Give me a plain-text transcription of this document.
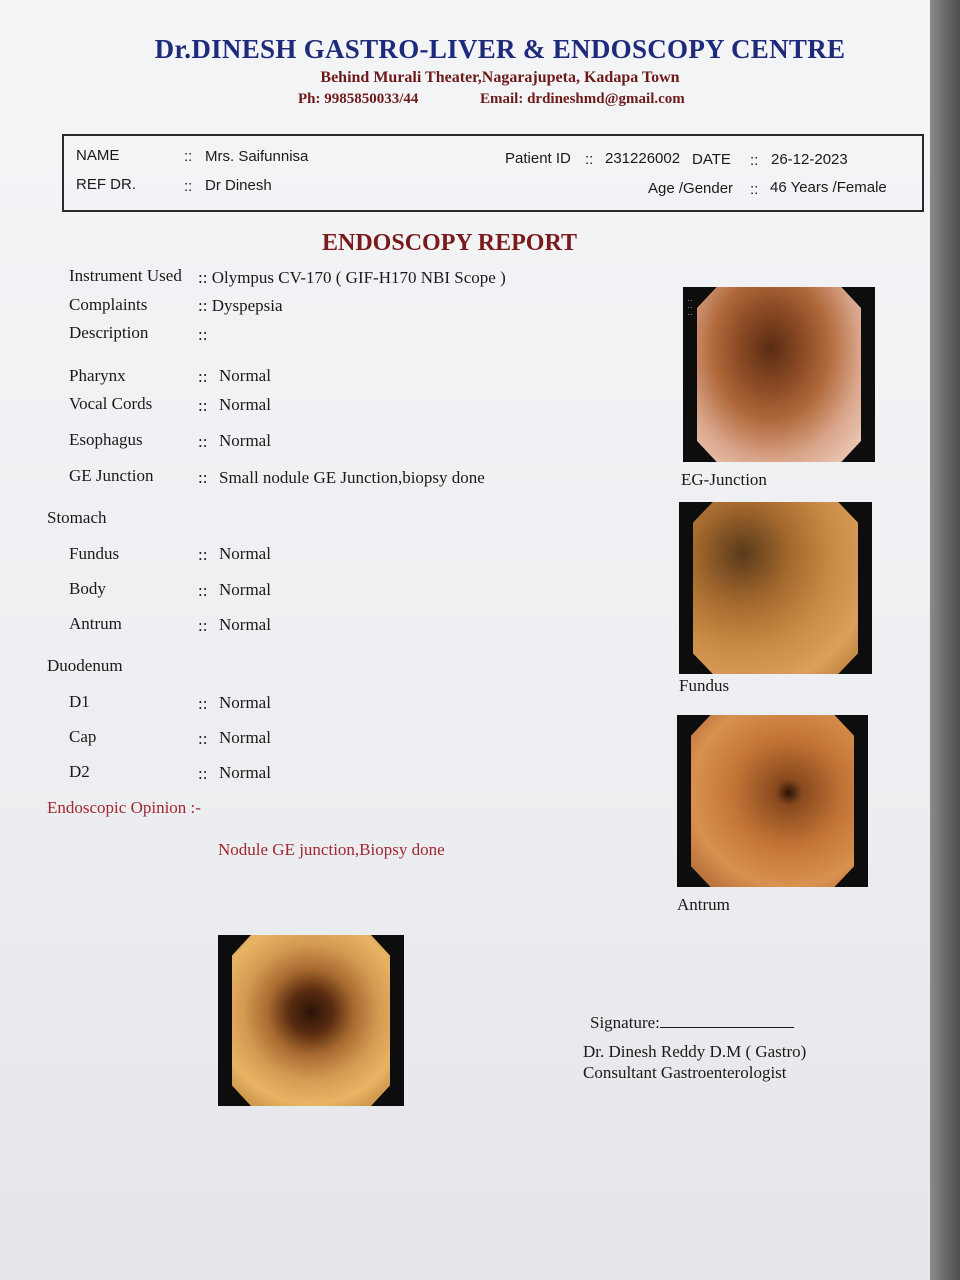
Dr.DINESH GASTRO-LIVER & ENDOSCOPY CENTRE
Behind Murali Theater,Nagarajupeta, Kadapa Town
Ph: 9985850033/44	Email: drdineshmd@gmail.com
NAME	:: Mrs. Saifunnisa
REF DR.	:: Dr Dinesh
Patient ID :: 231226002 DATE :: 26-12-2023
Age /Gender :: 46 Years /Female
ENDOSCOPY REPORT
Instrument Used :: Olympus CV-170 ( GIF-H170 NBI Scope )
Complaints	:: Dyspepsia
Description	::
Pharynx	:: Normal
Vocal Cords	:: Normal
Esophagus	:: Normal
GE Junction	:: Small nodule GE Junction,biopsy done
Stomach
Fundus	:: Normal
Body	:: Normal
Antrum	:: Normal
Duodenum
D1	:: Normal
Cap	:: Normal
D2	:: Normal
Endoscopic Opinion :-
Nodule GE junction,Biopsy done
..
..
..
EG-Junction
Fundus
Antrum
Signature:
Dr. Dinesh Reddy D.M ( Gastro)
Consultant Gastroenterologist
